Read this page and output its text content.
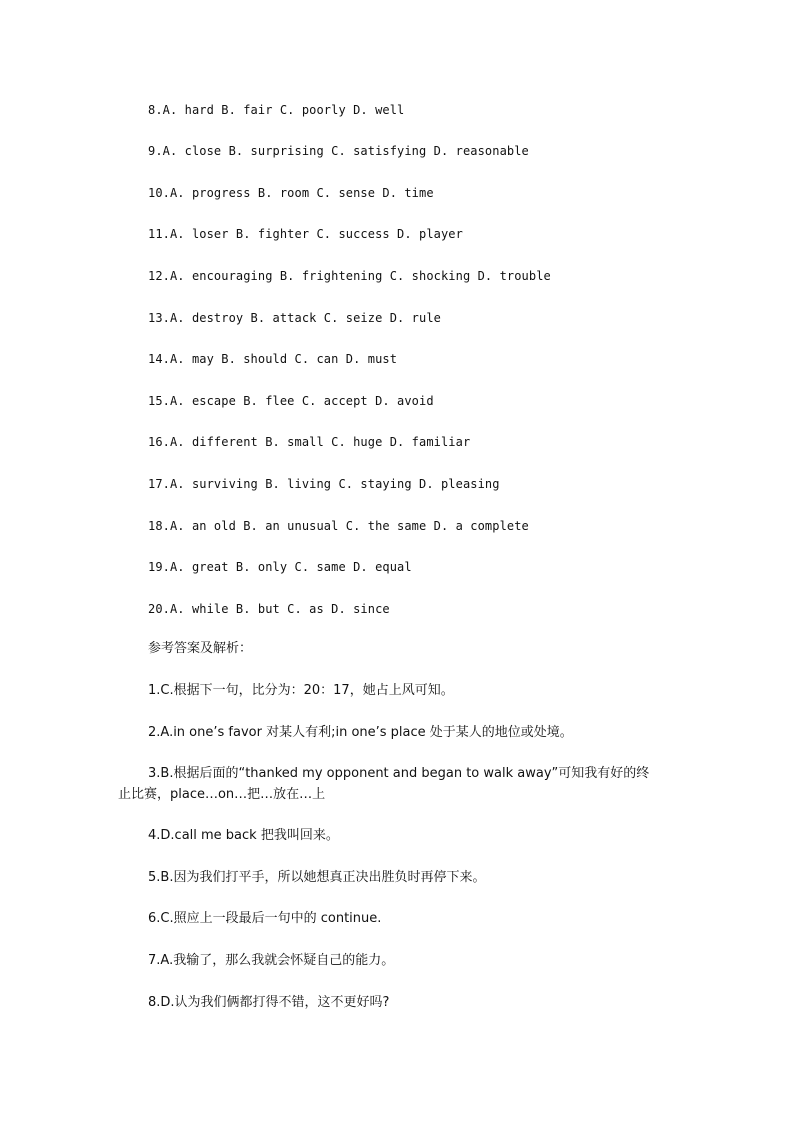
8.A. hard B. fair C. poorly D. well
9.A. close B. surprising C. satisfying D. reasonable
10.A. progress B. room C. sense D. time
11.A. loser B. fighter C. success D. player
12.A. encouraging B. frightening C. shocking D. trouble
13.A. destroy B. attack C. seize D. rule
14.A. may B. should C. can D. must
15.A. escape B. flee C. accept D. avoid
16.A. different B. small C. huge D. familiar
17.A. surviving B. living C. staying D. pleasing
18.A. an old B. an unusual C. the same D. a complete
19.A. great B. only C. same D. equal
20.A. while B. but C. as D. since
参考答案及解析：
1.C.根据下一句，比分为：20：17，她占上风可知。
2.A.in one’s favor 对某人有利;in one’s place 处于某人的地位或处境。
3.B.根据后面的“thanked my opponent and began to walk away”可知我有好的终
止比赛，place…on…把…放在…上
4.D.call me back 把我叫回来。
5.B.因为我们打平手，所以她想真正决出胜负时再停下来。
6.C.照应上一段最后一句中的 continue.
7.A.我输了，那么我就会怀疑自己的能力。
8.D.认为我们俩都打得不错，这不更好吗?
